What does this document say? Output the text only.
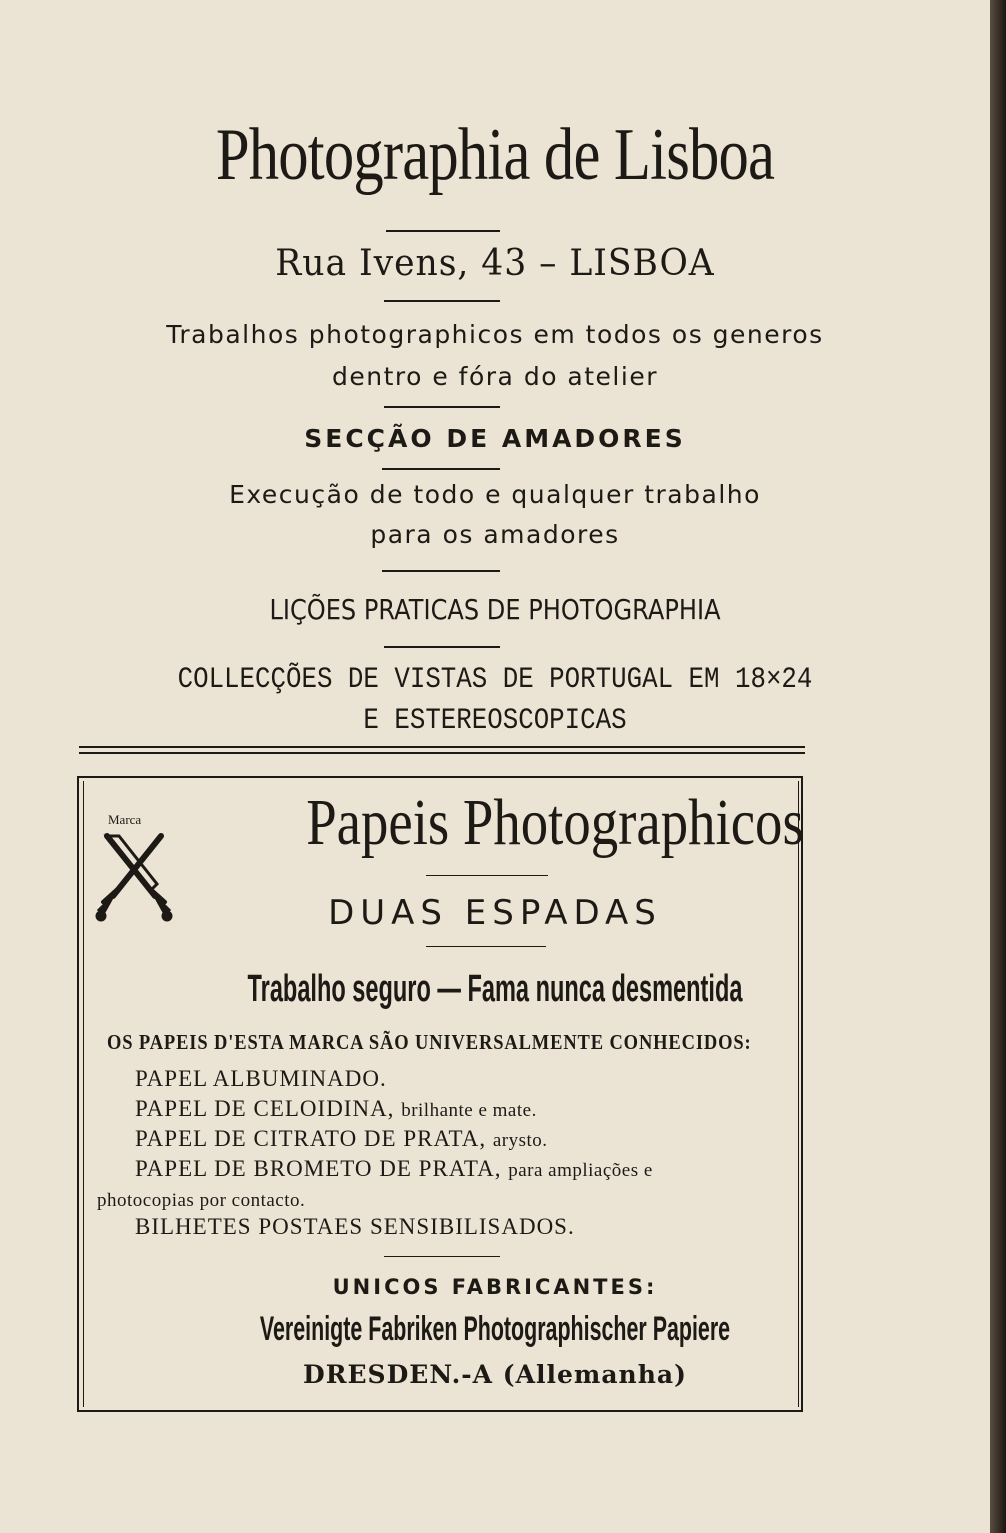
Photographia de Lisboa
Rua Ivens, 43 – LISBOA
Trabalhos photographicos em todos os generos
dentro e fóra do atelier
SECÇÃO DE AMADORES
Execução de todo e qualquer trabalho
para os amadores
LIÇÕES PRATICAS DE PHOTOGRAPHIA
COLLECÇÕES DE VISTAS DE PORTUGAL EM 18×24
E ESTEREOSCOPICAS
Marca	Papeis Photographicos
DUAS ESPADAS
Trabalho seguro — Fama nunca desmentida
OS PAPEIS D'ESTA MARCA SÃO UNIVERSALMENTE CONHECIDOS:
PAPEL ALBUMINADO.
PAPEL DE CELOIDINA, brilhante e mate.
PAPEL DE CITRATO DE PRATA, arysto.
PAPEL DE BROMETO DE PRATA, para ampliações e
photocopias por contacto.
BILHETES POSTAES SENSIBILISADOS.
UNICOS FABRICANTES:
Vereinigte Fabriken Photographischer Papiere
DRESDEN.-A (Allemanha)
